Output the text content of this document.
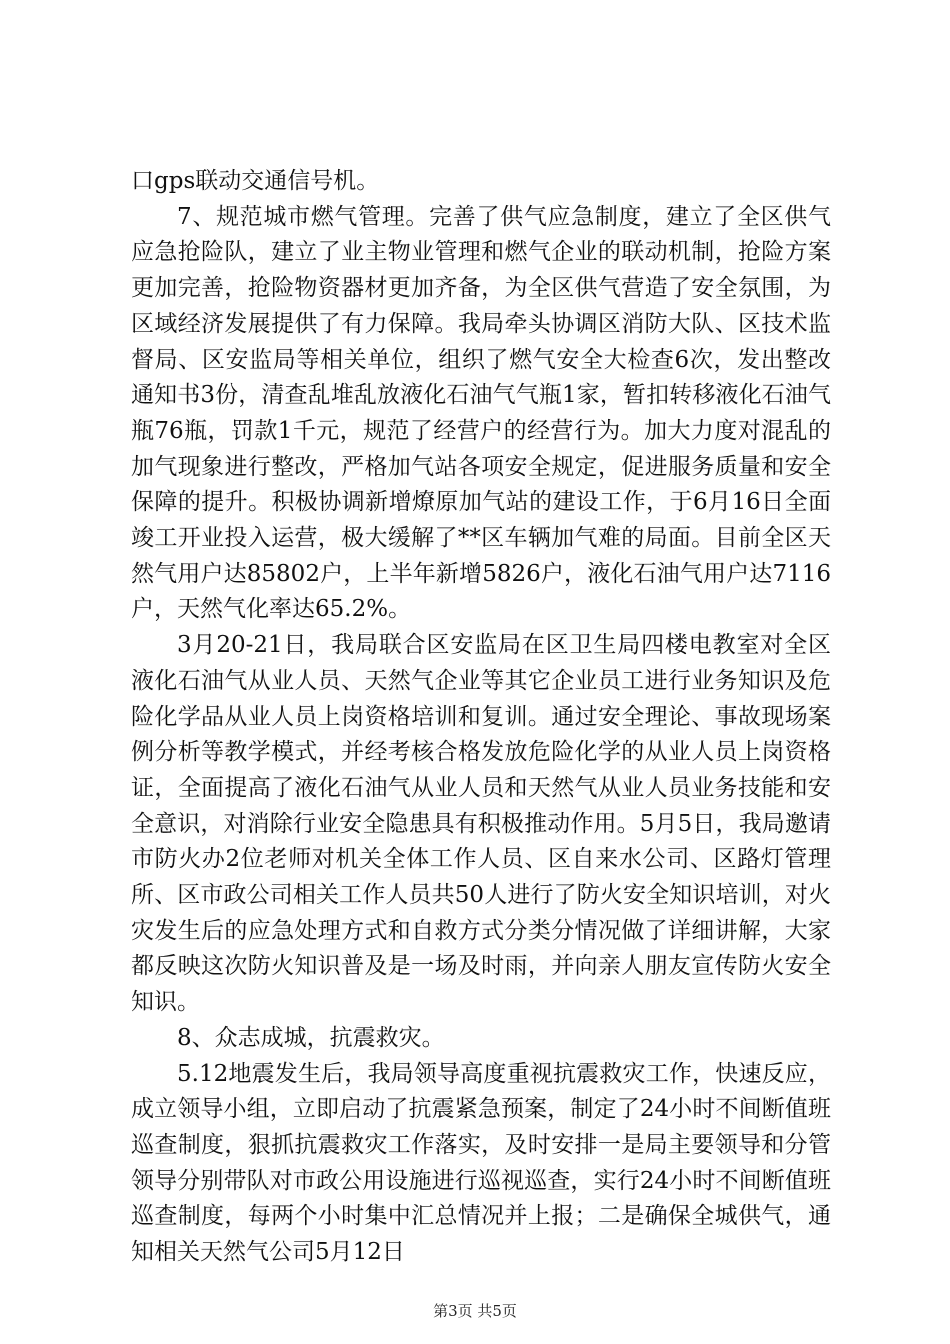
口gps联动交通信号机。

7、规范城市燃气管理。完善了供气应急制度，建立了全区供气应急抢险队，建立了业主物业管理和燃气企业的联动机制，抢险方案更加完善，抢险物资器材更加齐备，为全区供气营造了安全氛围，为区域经济发展提供了有力保障。我局牵头协调区消防大队、区技术监督局、区安监局等相关单位，组织了燃气安全大检查6次，发出整改通知书3份，清查乱堆乱放液化石油气气瓶1家，暂扣转移液化石油气瓶76瓶，罚款1千元，规范了经营户的经营行为。加大力度对混乱的加气现象进行整改，严格加气站各项安全规定，促进服务质量和安全保障的提升。积极协调新增燎原加气站的建设工作，于6月16日全面竣工开业投入运营，极大缓解了**区车辆加气难的局面。目前全区天然气用户达85802户，上半年新增5826户，液化石油气用户达7116户，天然气化率达65.2%。

3月20-21日，我局联合区安监局在区卫生局四楼电教室对全区液化石油气从业人员、天然气企业等其它企业员工进行业务知识及危险化学品从业人员上岗资格培训和复训。通过安全理论、事故现场案例分析等教学模式，并经考核合格发放危险化学的从业人员上岗资格证，全面提高了液化石油气从业人员和天然气从业人员业务技能和安全意识，对消除行业安全隐患具有积极推动作用。5月5日，我局邀请市防火办2位老师对机关全体工作人员、区自来水公司、区路灯管理所、区市政公司相关工作人员共50人进行了防火安全知识培训，对火灾发生后的应急处理方式和自救方式分类分情况做了详细讲解，大家都反映这次防火知识普及是一场及时雨，并向亲人朋友宣传防火安全知识。

8、众志成城，抗震救灾。

5.12地震发生后，我局领导高度重视抗震救灾工作，快速反应，成立领导小组，立即启动了抗震紧急预案，制定了24小时不间断值班巡查制度，狠抓抗震救灾工作落实，及时安排一是局主要领导和分管领导分别带队对市政公用设施进行巡视巡查，实行24小时不间断值班巡查制度，每两个小时集中汇总情况并上报；二是确保全城供气，通知相关天然气公司5月12日

第3页 共5页
